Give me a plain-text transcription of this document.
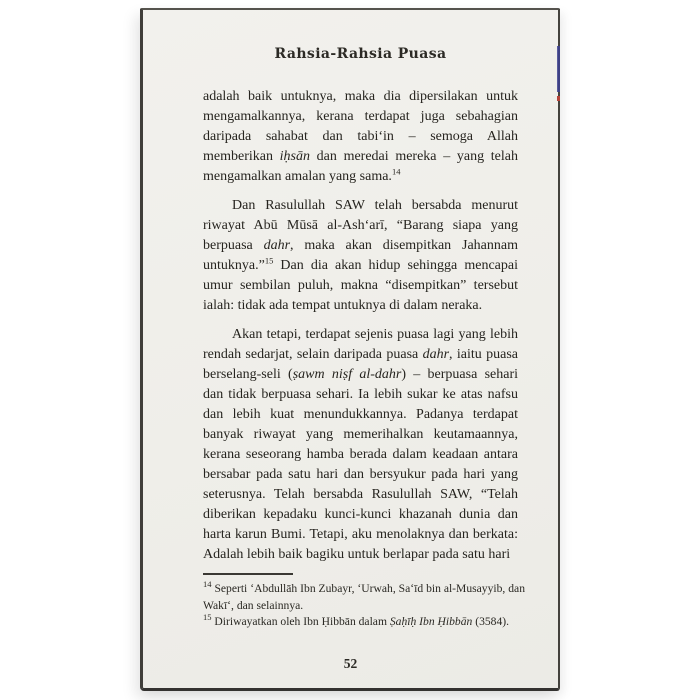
Rahsia-Rahsia Puasa

adalah baik untuknya, maka dia dipersilakan untuk mengamalkannya, kerana terdapat juga sebahagian daripada sahabat dan tabi‘in – semoga Allah memberikan iḥsān dan meredai mereka – yang telah mengamalkan amalan yang sama.$^{14}$

Dan Rasulullah SAW telah bersabda menurut riwayat Abū Mūsā al-Ash‘arī, “Barang siapa yang berpuasa dahr, maka akan disempitkan Jahannam untuknya.”$^{15}$ Dan dia akan hidup sehingga mencapai umur sembilan puluh, makna “disempitkan” tersebut ialah: tidak ada tempat untuknya di dalam neraka.

Akan tetapi, terdapat sejenis puasa lagi yang lebih rendah sedarjat, selain daripada puasa dahr, iaitu puasa berselang-seli (ṣawm niṣf al-dahr) – berpuasa sehari dan tidak berpuasa sehari. Ia lebih sukar ke atas nafsu dan lebih kuat menundukkannya. Padanya terdapat banyak riwayat yang memerihalkan keutamaannya, kerana seseorang hamba berada dalam keadaan antara bersabar pada satu hari dan bersyukur pada hari yang seterusnya. Telah bersabda Rasulullah SAW, “Telah diberikan kepadaku kunci-kunci khazanah dunia dan harta karun Bumi. Tetapi, aku menolaknya dan berkata: Adalah lebih baik bagiku untuk berlapar pada satu hari

$^{14}$ Seperti ‘Abdullāh Ibn Zubayr, ‘Urwah, Sa‘īd bin al-Musayyib, dan Wakī‘, dan selainnya.

$^{15}$ Diriwayatkan oleh Ibn Ḥibbān dalam Ṣaḥīḥ Ibn Ḥibbān (3584).

52
